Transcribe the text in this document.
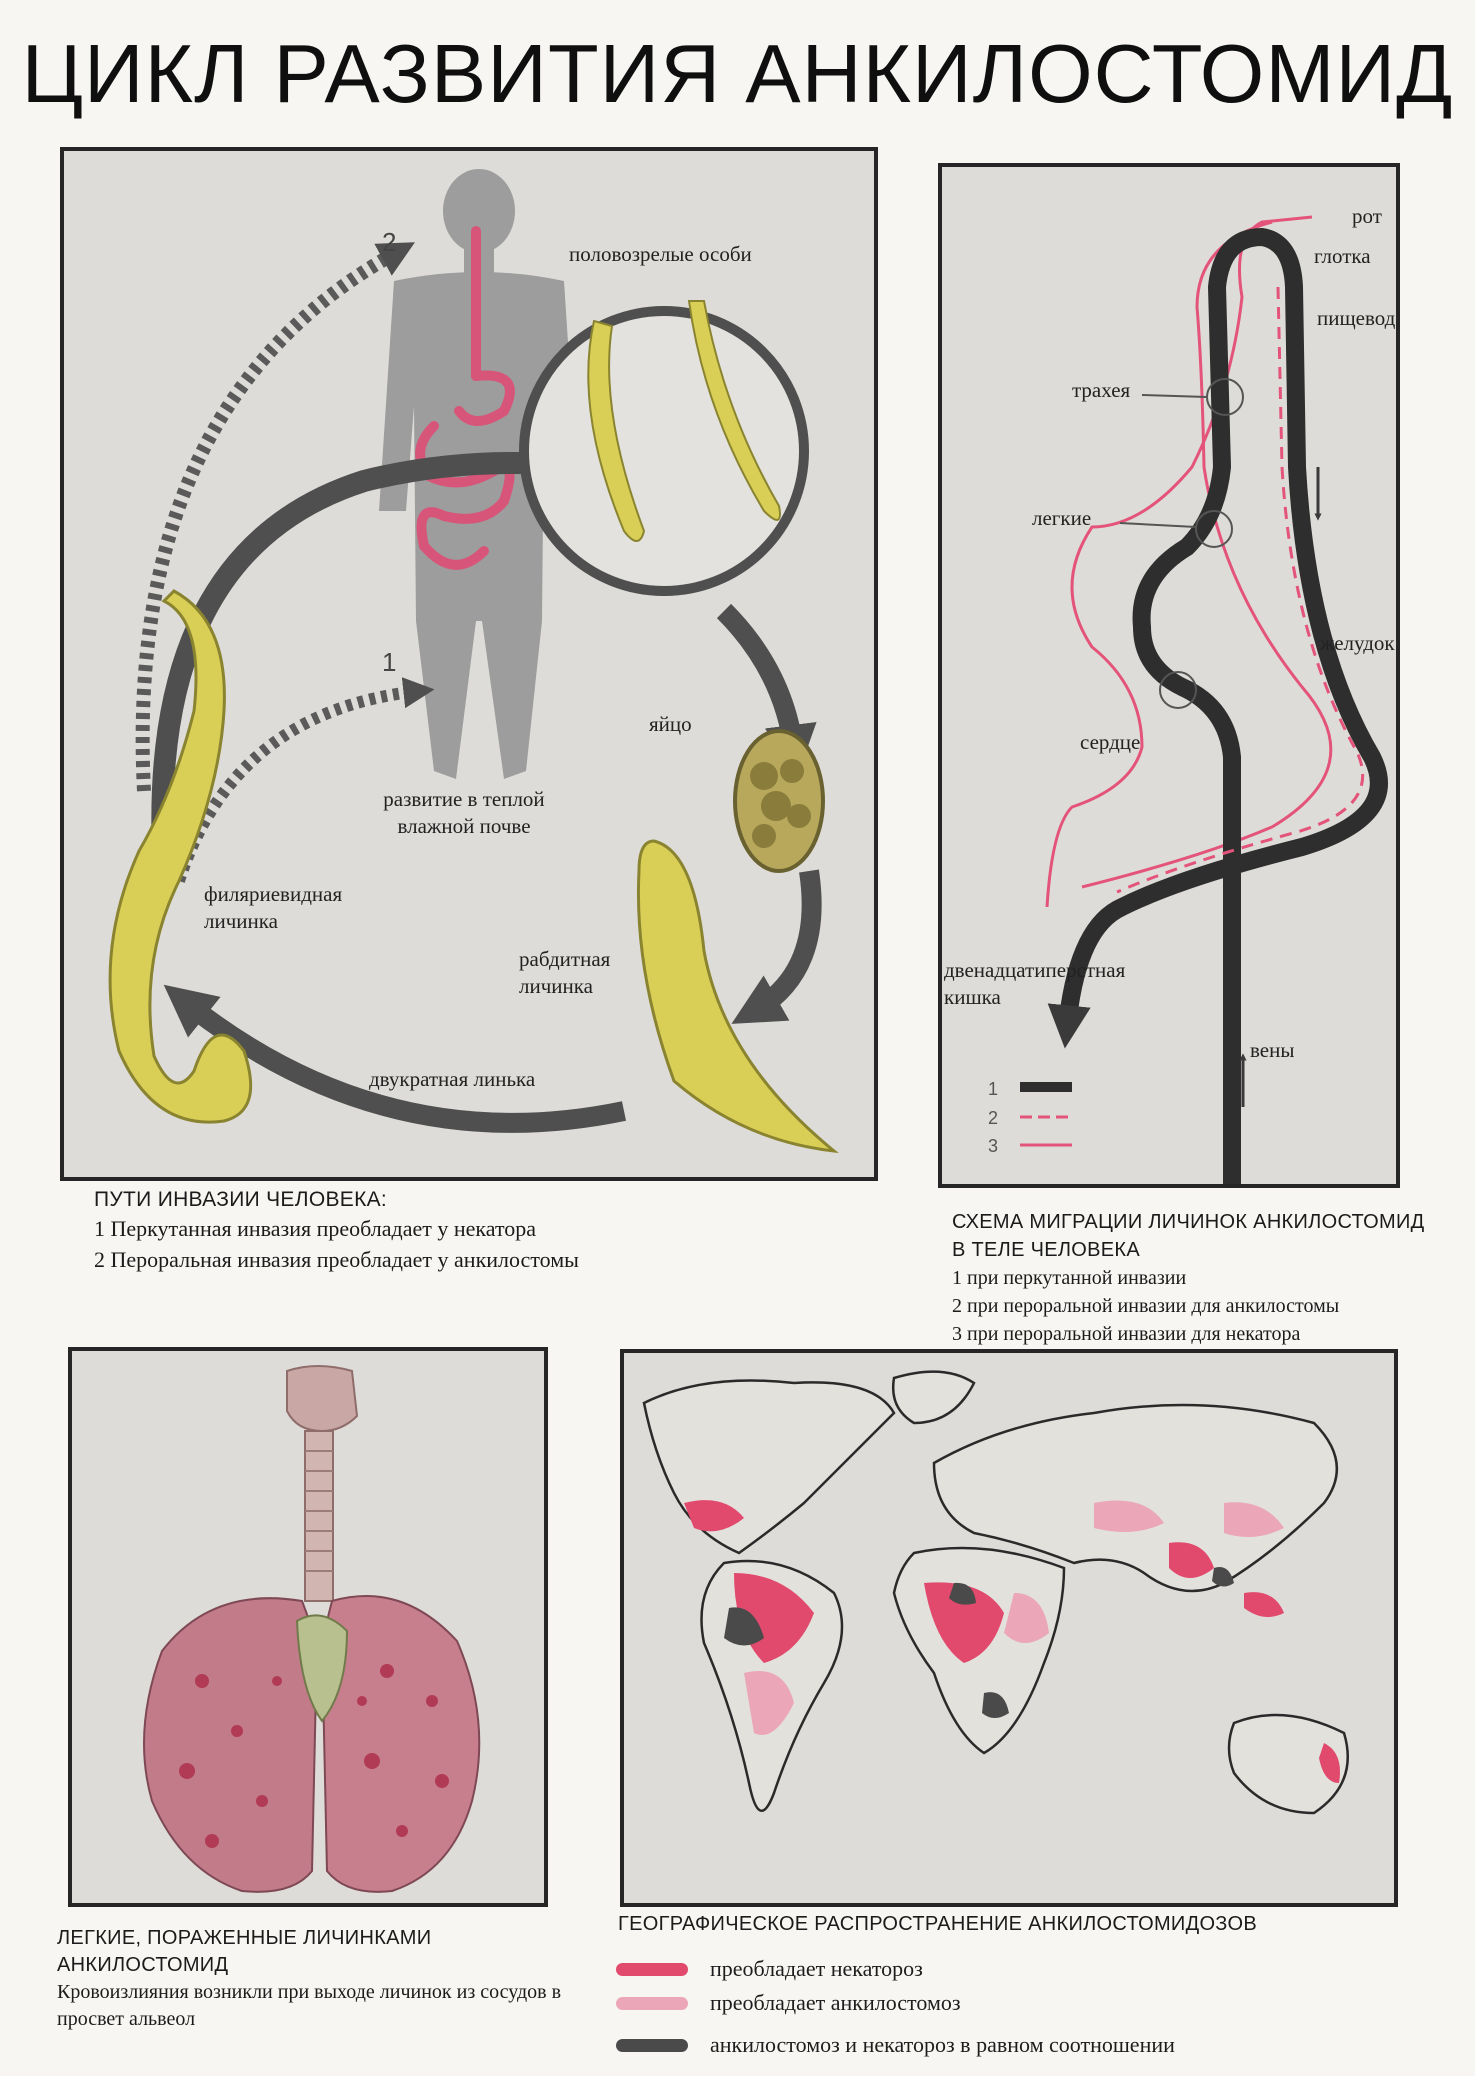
ЦИКЛ РАЗВИТИЯ АНКИЛОСТОМИД
2
1
половозрелые особи
яйцо
развитие в теплой влажной почве
филяриевидная личинка
рабдитная личинка
двукратная линька
ПУТИ ИНВАЗИИ ЧЕЛОВЕКА:
1 Перкутанная инвазия преобладает у некатора
2 Пероральная инвазия преобладает у анкилостомы
1
2
3
рот
глотка
пищевод
трахея
легкие
желудок
сердце
двенадцатиперстная кишка
вены
СХЕМА МИГРАЦИИ ЛИЧИНОК АНКИЛОСТОМИД В ТЕЛЕ ЧЕЛОВЕКА
1 при перкутанной инвазии
2 при пероральной инвазии для анкилостомы
3 при пероральной инвазии для некатора
ЛЕГКИЕ, ПОРАЖЕННЫЕ ЛИЧИНКАМИ АНКИЛОСТОМИД
Кровоизлияния возникли при выходе личинок из сосудов в просвет альвеол
ГЕОГРАФИЧЕСКОЕ РАСПРОСТРАНЕНИЕ АНКИЛОСТОМИДОЗОВ
преобладает некатороз
преобладает анкилостомоз
анкилостомоз и некатороз в равном соотношении
